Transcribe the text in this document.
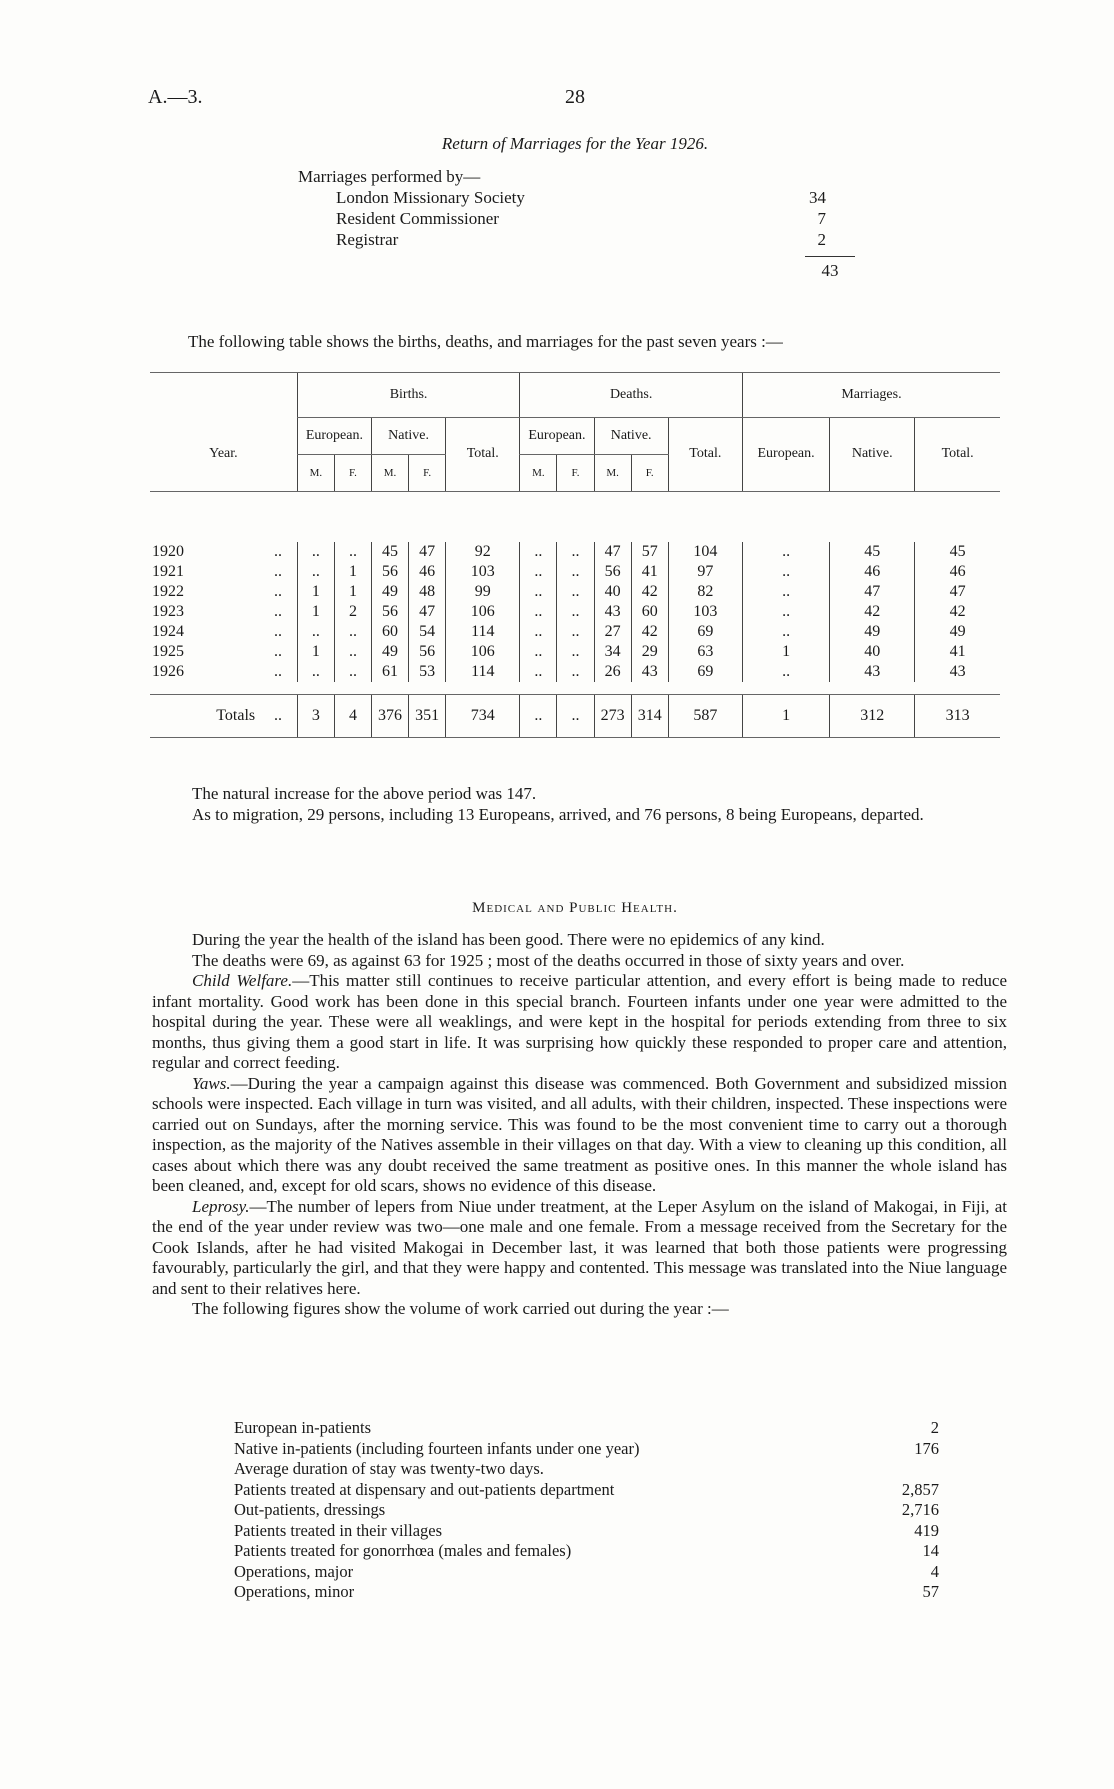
A.—3.	28
Return of Marriages for the Year 1926.
Marriages performed by—
London Missionary Society	34
Resident Commissioner	7
Registrar	2
43
The following table shows the births, deaths, and marriages for the past seven years :—
	Births.					Deaths.					Marriages.		
Year.	European.		Native.		Total.	European.		Native.		Total.	European.	Native.	Total.
	M.	F.	M.	F.		M.	F.	M.	F.				

1920	..	..	..	45	47	92	..	..	47	57	104	..	45	45
1921	..	..	1	56	46	103	..	..	56	41	97	..	46	46
1922	..	1	1	49	48	99	..	..	40	42	82	..	47	47
1923	..	1	2	56	47	106	..	..	43	60	103	..	42	42
1924	..	..	..	60	54	114	..	..	27	42	69	..	49	49
1925	..	1	..	49	56	106	..	..	34	29	63	1	40	41
1926	..	..	..	61	53	114	..	..	26	43	69	..	43	43

Totals	..	3	4	376	351	734	..	..	273	314	587	1	312	313

The natural increase for the above period was 147.

As to migration, 29 persons, including 13 Europeans, arrived, and 76 persons, 8 being Europeans, departed.

Medical and Public Health.

During the year the health of the island has been good. There were no epidemics of any kind.

The deaths were 69, as against 63 for 1925 ; most of the deaths occurred in those of sixty years and over.

Child Welfare.—This matter still continues to receive particular attention, and every effort is being made to reduce infant mortality. Good work has been done in this special branch. Fourteen infants under one year were admitted to the hospital during the year. These were all weaklings, and were kept in the hospital for periods extending from three to six months, thus giving them a good start in life. It was surprising how quickly these responded to proper care and attention, regular and correct feeding.

Yaws.—During the year a campaign against this disease was commenced. Both Government and subsidized mission schools were inspected. Each village in turn was visited, and all adults, with their children, inspected. These inspections were carried out on Sundays, after the morning service. This was found to be the most convenient time to carry out a thorough inspection, as the majority of the Natives assemble in their villages on that day. With a view to cleaning up this condition, all cases about which there was any doubt received the same treatment as positive ones. In this manner the whole island has been cleaned, and, except for old scars, shows no evidence of this disease.

Leprosy.—The number of lepers from Niue under treatment, at the Leper Asylum on the island of Makogai, in Fiji, at the end of the year under review was two—one male and one female. From a message received from the Secretary for the Cook Islands, after he had visited Makogai in December last, it was learned that both those patients were progressing favourably, particularly the girl, and that they were happy and contented. This message was translated into the Niue language and sent to their relatives here.

The following figures show the volume of work carried out during the year :—

European in-patients	2
Native in-patients (including fourteen infants under one year)	176
Average duration of stay was twenty-two days.
Patients treated at dispensary and out-patients department	2,857
Out-patients, dressings	2,716
Patients treated in their villages	419
Patients treated for gonorrhœa (males and females)	14
Operations, major	4
Operations, minor	57
